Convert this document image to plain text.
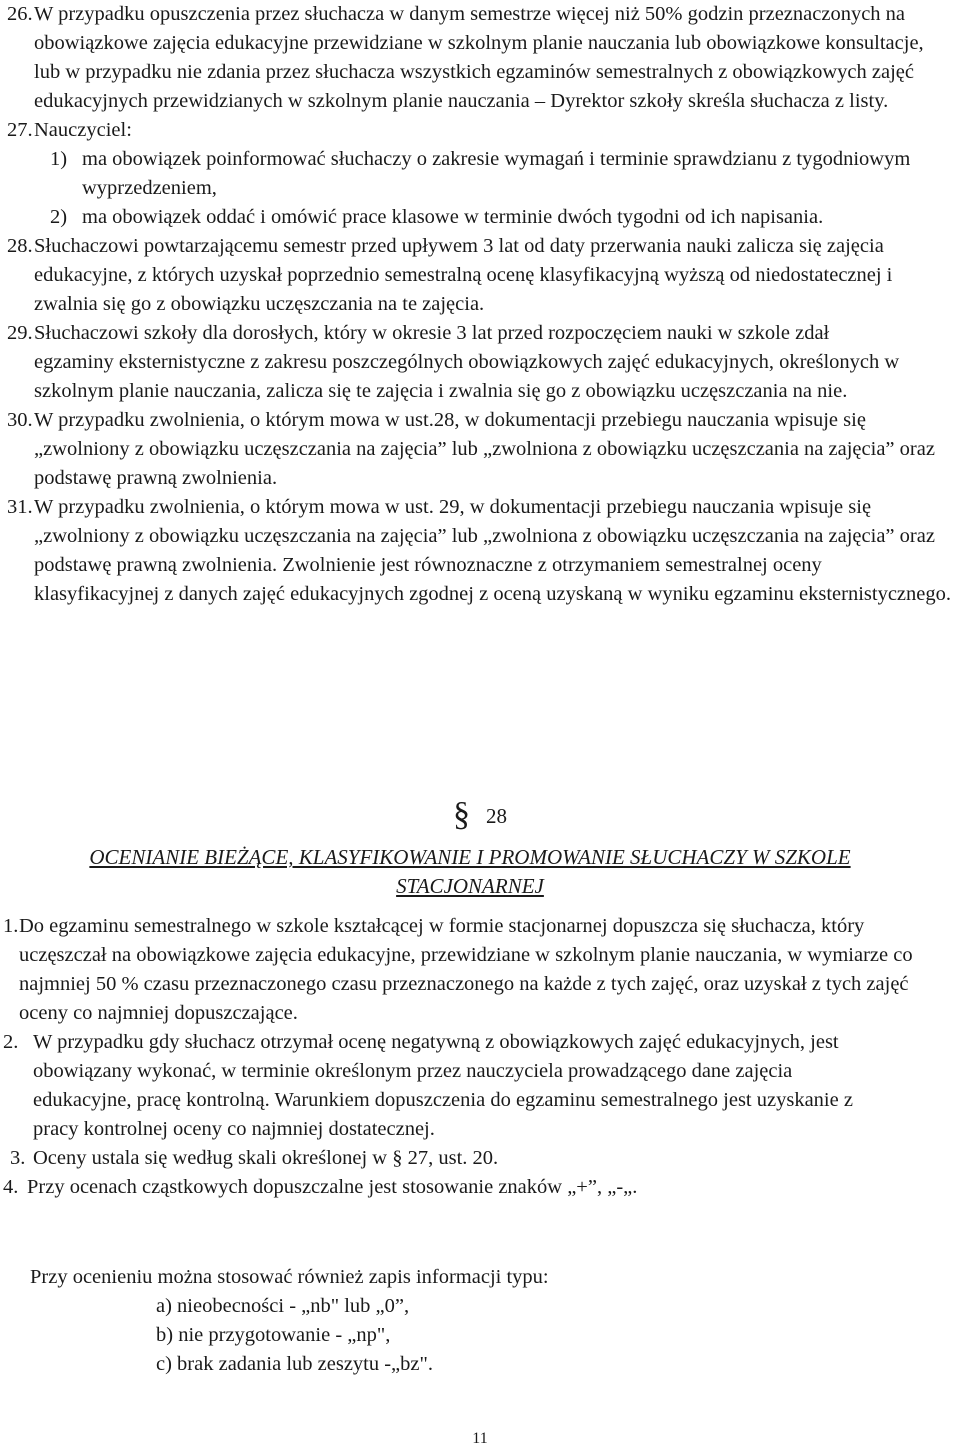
26. W przypadku opuszczenia przez słuchacza w danym semestrze więcej niż 50% godzin przeznaczonych na obowiązkowe zajęcia edukacyjne przewidziane w szkolnym planie nauczania lub obowiązkowe konsultacje, lub w przypadku nie zdania przez słuchacza wszystkich egzaminów semestralnych z obowiązkowych zajęć edukacyjnych przewidzianych w szkolnym planie nauczania – Dyrektor szkoły skreśla słuchacza z listy.
27. Nauczyciel:
1) ma obowiązek poinformować słuchaczy o zakresie wymagań i terminie sprawdzianu z tygodniowym wyprzedzeniem,
2) ma obowiązek oddać i omówić prace klasowe w terminie dwóch tygodni od ich napisania.
28. Słuchaczowi powtarzającemu semestr przed upływem 3 lat od daty przerwania nauki zalicza się zajęcia edukacyjne, z których uzyskał poprzednio semestralną ocenę klasyfikacyjną wyższą od niedostatecznej i zwalnia się go z obowiązku uczęszczania na te zajęcia.
29. Słuchaczowi szkoły dla dorosłych, który w okresie 3 lat przed rozpoczęciem nauki w szkole zdał egzaminy eksternistyczne z zakresu poszczególnych obowiązkowych zajęć edukacyjnych, określonych w szkolnym planie nauczania, zalicza się te zajęcia i zwalnia się go z obowiązku uczęszczania na nie.
30. W przypadku zwolnienia, o którym mowa w ust.28, w dokumentacji przebiegu nauczania wpisuje się „zwolniony z obowiązku uczęszczania na zajęcia” lub „zwolniona z obowiązku uczęszczania na zajęcia” oraz podstawę prawną zwolnienia.
31. W przypadku zwolnienia, o którym mowa w ust. 29, w dokumentacji przebiegu nauczania wpisuje się „zwolniony z obowiązku uczęszczania na zajęcia” lub „zwolniona z obowiązku uczęszczania na zajęcia” oraz podstawę prawną zwolnienia. Zwolnienie jest równoznaczne z otrzymaniem semestralnej oceny klasyfikacyjnej z danych zajęć edukacyjnych zgodnej z oceną uzyskaną w wyniku egzaminu eksternistycznego.
§ 28
OCENIANIE BIEŻĄCE, KLASYFIKOWANIE I PROMOWANIE SŁUCHACZY W SZKOLE STACJONARNEJ
1. Do egzaminu semestralnego w szkole kształcącej w formie stacjonarnej dopuszcza się słuchacza, który uczęszczał na obowiązkowe zajęcia edukacyjne, przewidziane w szkolnym planie nauczania, w wymiarze co najmniej 50 % czasu przeznaczonego czasu przeznaczonego na każde z tych zajęć, oraz uzyskał z tych zajęć oceny co najmniej dopuszczające.
2. W przypadku gdy słuchacz otrzymał ocenę negatywną z obowiązkowych zajęć edukacyjnych, jest obowiązany wykonać, w terminie określonym przez nauczyciela prowadzącego dane zajęcia edukacyjne, pracę kontrolną. Warunkiem dopuszczenia do egzaminu semestralnego jest uzyskanie z pracy kontrolnej oceny co najmniej dostatecznej.
3. Oceny ustala się według skali określonej w § 27, ust. 20.
4. Przy ocenach cząstkowych dopuszczalne jest stosowanie znaków „+”, „-„.

Przy ocenieniu można stosować również zapis informacji typu:

a) nieobecności - „nb" lub „0”,

b) nie przygotowanie - „np",

c) brak zadania lub zeszytu -„bz".

11
